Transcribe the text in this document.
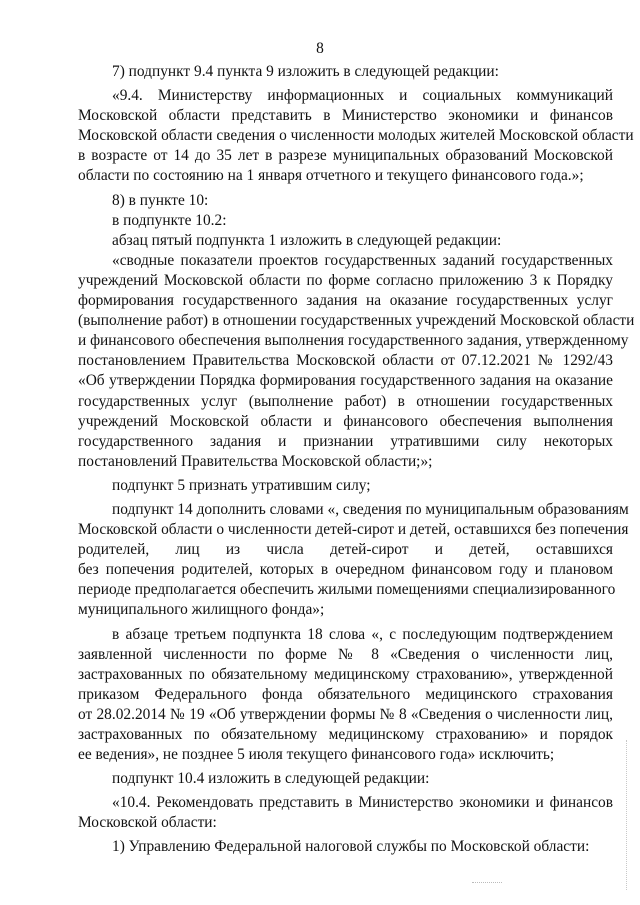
8
7) подпункт 9.4 пункта 9 изложить в следующей редакции:
«9.4. Министерству информационных и социальных коммуникаций
Московской области представить в Министерство экономики и финансов
Московской области сведения о численности молодых жителей Московской области
в возрасте от 14 до 35 лет в разрезе муниципальных образований Московской
области по состоянию на 1 января отчетного и текущего финансового года.»;
8) в пункте 10:
в подпункте 10.2:
абзац пятый подпункта 1 изложить в следующей редакции:
«сводные показатели проектов государственных заданий государственных
учреждений Московской области по форме согласно приложению 3 к Порядку
формирования государственного задания на оказание государственных услуг
(выполнение работ) в отношении государственных учреждений Московской области
и финансового обеспечения выполнения государственного задания, утвержденному
постановлением Правительства Московской области от 07.12.2021 № 1292/43
«Об утверждении Порядка формирования государственного задания на оказание
государственных услуг (выполнение работ) в отношении государственных
учреждений Московской области и финансового обеспечения выполнения
государственного задания и признании утратившими силу некоторых
постановлений Правительства Московской области;»;
подпункт 5 признать утратившим силу;
подпункт 14 дополнить словами «, сведения по муниципальным образованиям
Московской области о численности детей-сирот и детей, оставшихся без попечения
родителей, лиц из числа детей-сирот и детей, оставшихся
без попечения родителей, которых в очередном финансовом году и плановом
периоде предполагается обеспечить жилыми помещениями специализированного
муниципального жилищного фонда»;
в абзаце третьем подпункта 18 слова «, с последующим подтверждением
заявленной численности по форме № 8 «Сведения о численности лиц,
застрахованных по обязательному медицинскому страхованию», утвержденной
приказом Федерального фонда обязательного медицинского страхования
от 28.02.2014 № 19 «Об утверждении формы № 8 «Сведения о численности лиц,
застрахованных по обязательному медицинскому страхованию» и порядок
ее ведения», не позднее 5 июля текущего финансового года» исключить;
подпункт 10.4 изложить в следующей редакции:
«10.4. Рекомендовать представить в Министерство экономики и финансов
Московской области:
1) Управлению Федеральной налоговой службы по Московской области:
